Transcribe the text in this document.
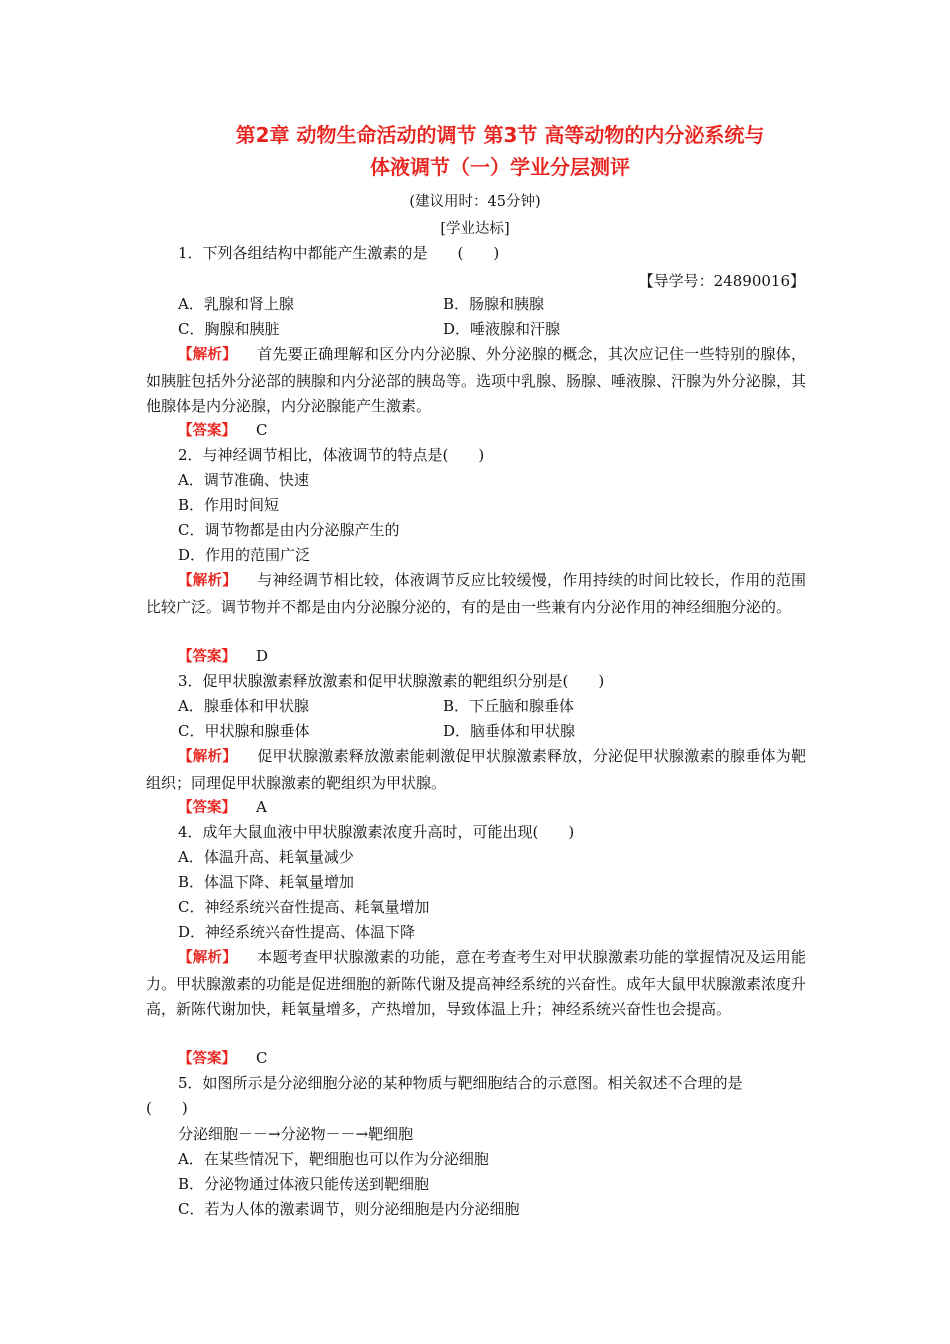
第2章 动物生命活动的调节 第3节 高等动物的内分泌系统与
体液调节（一）学业分层测评
(建议用时：45分钟)
[学业达标]
1．下列各组结构中都能产生激素的是　　(　　)
【导学号：24890016】
A．乳腺和肾上腺	B．肠腺和胰腺
C．胸腺和胰脏	D．唾液腺和汗腺
【解析】 首先要正确理解和区分内分泌腺、外分泌腺的概念，其次应记住一些特别的腺体，如胰脏包括外分泌部的胰腺和内分泌部的胰岛等。选项中乳腺、肠腺、唾液腺、汗腺为外分泌腺，其他腺体是内分泌腺，内分泌腺能产生激素。
【答案】 C
2．与神经调节相比，体液调节的特点是(　　)
A．调节准确、快速
B．作用时间短
C．调节物都是由内分泌腺产生的
D．作用的范围广泛
【解析】 与神经调节相比较，体液调节反应比较缓慢，作用持续的时间比较长，作用的范围比较广泛。调节物并不都是由内分泌腺分泌的，有的是由一些兼有内分泌作用的神经细胞分泌的。
【答案】 D
3．促甲状腺激素释放激素和促甲状腺激素的靶组织分别是(　　)
A．腺垂体和甲状腺	B．下丘脑和腺垂体
C．甲状腺和腺垂体	D．脑垂体和甲状腺
【解析】 促甲状腺激素释放激素能刺激促甲状腺激素释放，分泌促甲状腺激素的腺垂体为靶组织；同理促甲状腺激素的靶组织为甲状腺。
【答案】 A
4．成年大鼠血液中甲状腺激素浓度升高时，可能出现(　　)
A．体温升高、耗氧量减少
B．体温下降、耗氧量增加
C．神经系统兴奋性提高、耗氧量增加
D．神经系统兴奋性提高、体温下降
【解析】 本题考查甲状腺激素的功能，意在考查考生对甲状腺激素功能的掌握情况及运用能力。甲状腺激素的功能是促进细胞的新陈代谢及提高神经系统的兴奋性。成年大鼠甲状腺激素浓度升高，新陈代谢加快，耗氧量增多，产热增加，导致体温上升；神经系统兴奋性也会提高。
【答案】 C
5．如图所示是分泌细胞分泌的某种物质与靶细胞结合的示意图。相关叙述不合理的是
(　　)
分泌细胞－－→分泌物－－→靶细胞
A．在某些情况下，靶细胞也可以作为分泌细胞
B．分泌物通过体液只能传送到靶细胞
C．若为人体的激素调节，则分泌细胞是内分泌细胞
